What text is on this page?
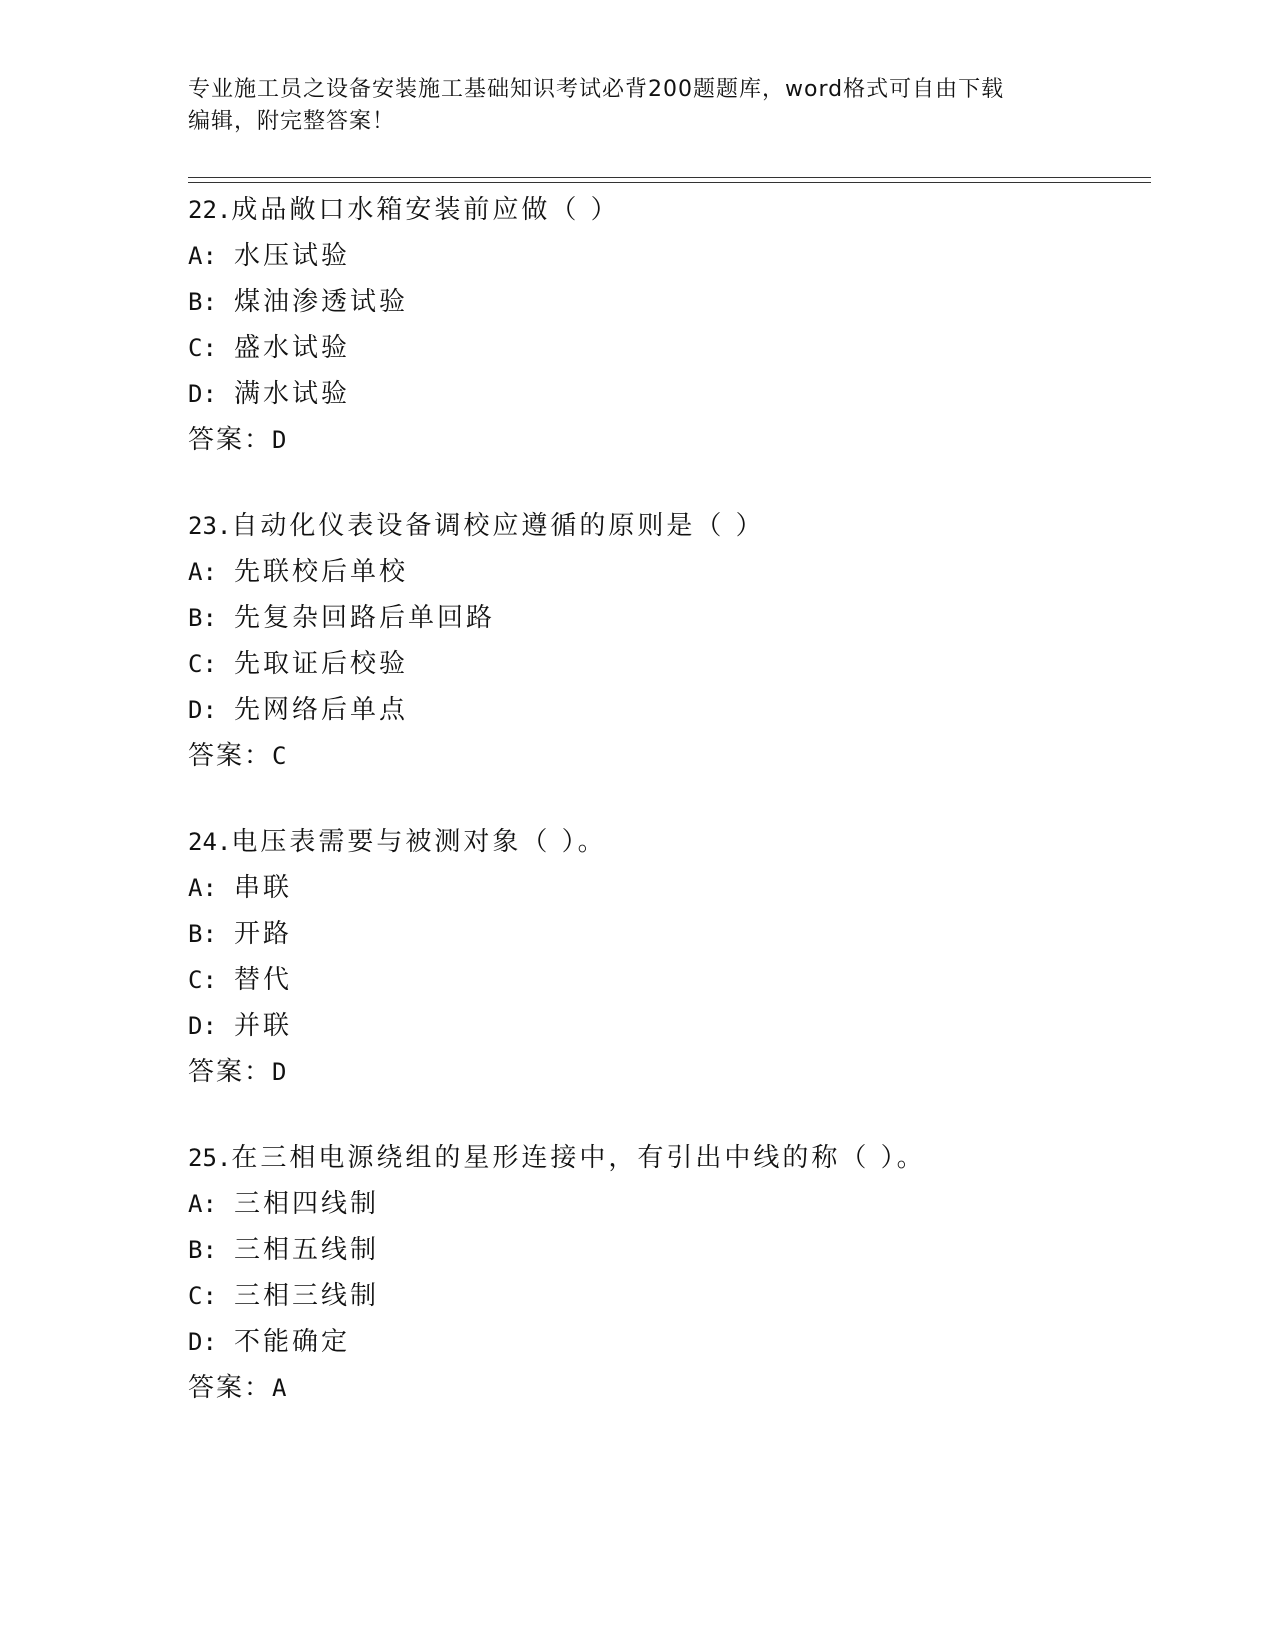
专业施工员之设备安装施工基础知识考试必背200题题库，word格式可自由下载
编辑，附完整答案！
22.成品敞口水箱安装前应做（ ）
A: 水压试验
B: 煤油渗透试验
C: 盛水试验
D: 满水试验
答案：D
23.自动化仪表设备调校应遵循的原则是（ ）
A: 先联校后单校
B: 先复杂回路后单回路
C: 先取证后校验
D: 先网络后单点
答案：C
24.电压表需要与被测对象（ ）。
A: 串联
B: 开路
C: 替代
D: 并联
答案：D
25.在三相电源绕组的星形连接中，有引出中线的称（ ）。
A: 三相四线制
B: 三相五线制
C: 三相三线制
D: 不能确定
答案：A
